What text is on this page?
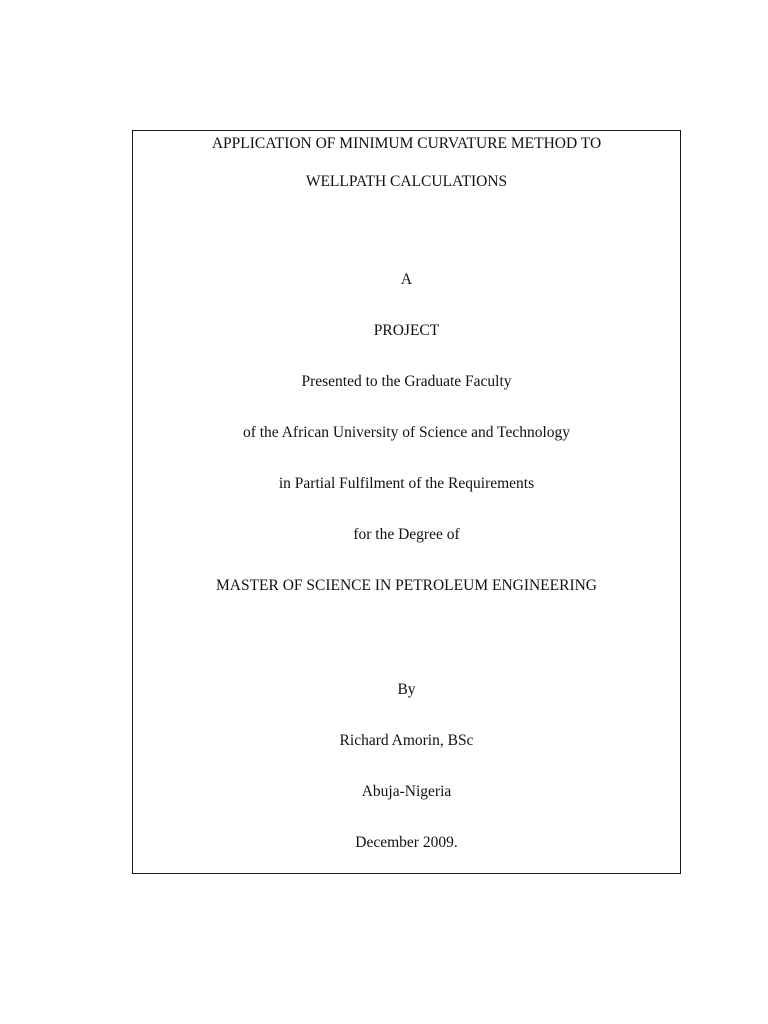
APPLICATION OF MINIMUM CURVATURE METHOD TO
WELLPATH CALCULATIONS
A
PROJECT
Presented to the Graduate Faculty
of the African University of Science and Technology
in Partial Fulfilment of the Requirements
for the Degree of
MASTER OF SCIENCE IN PETROLEUM ENGINEERING
By
Richard Amorin, BSc
Abuja-Nigeria
December 2009.
